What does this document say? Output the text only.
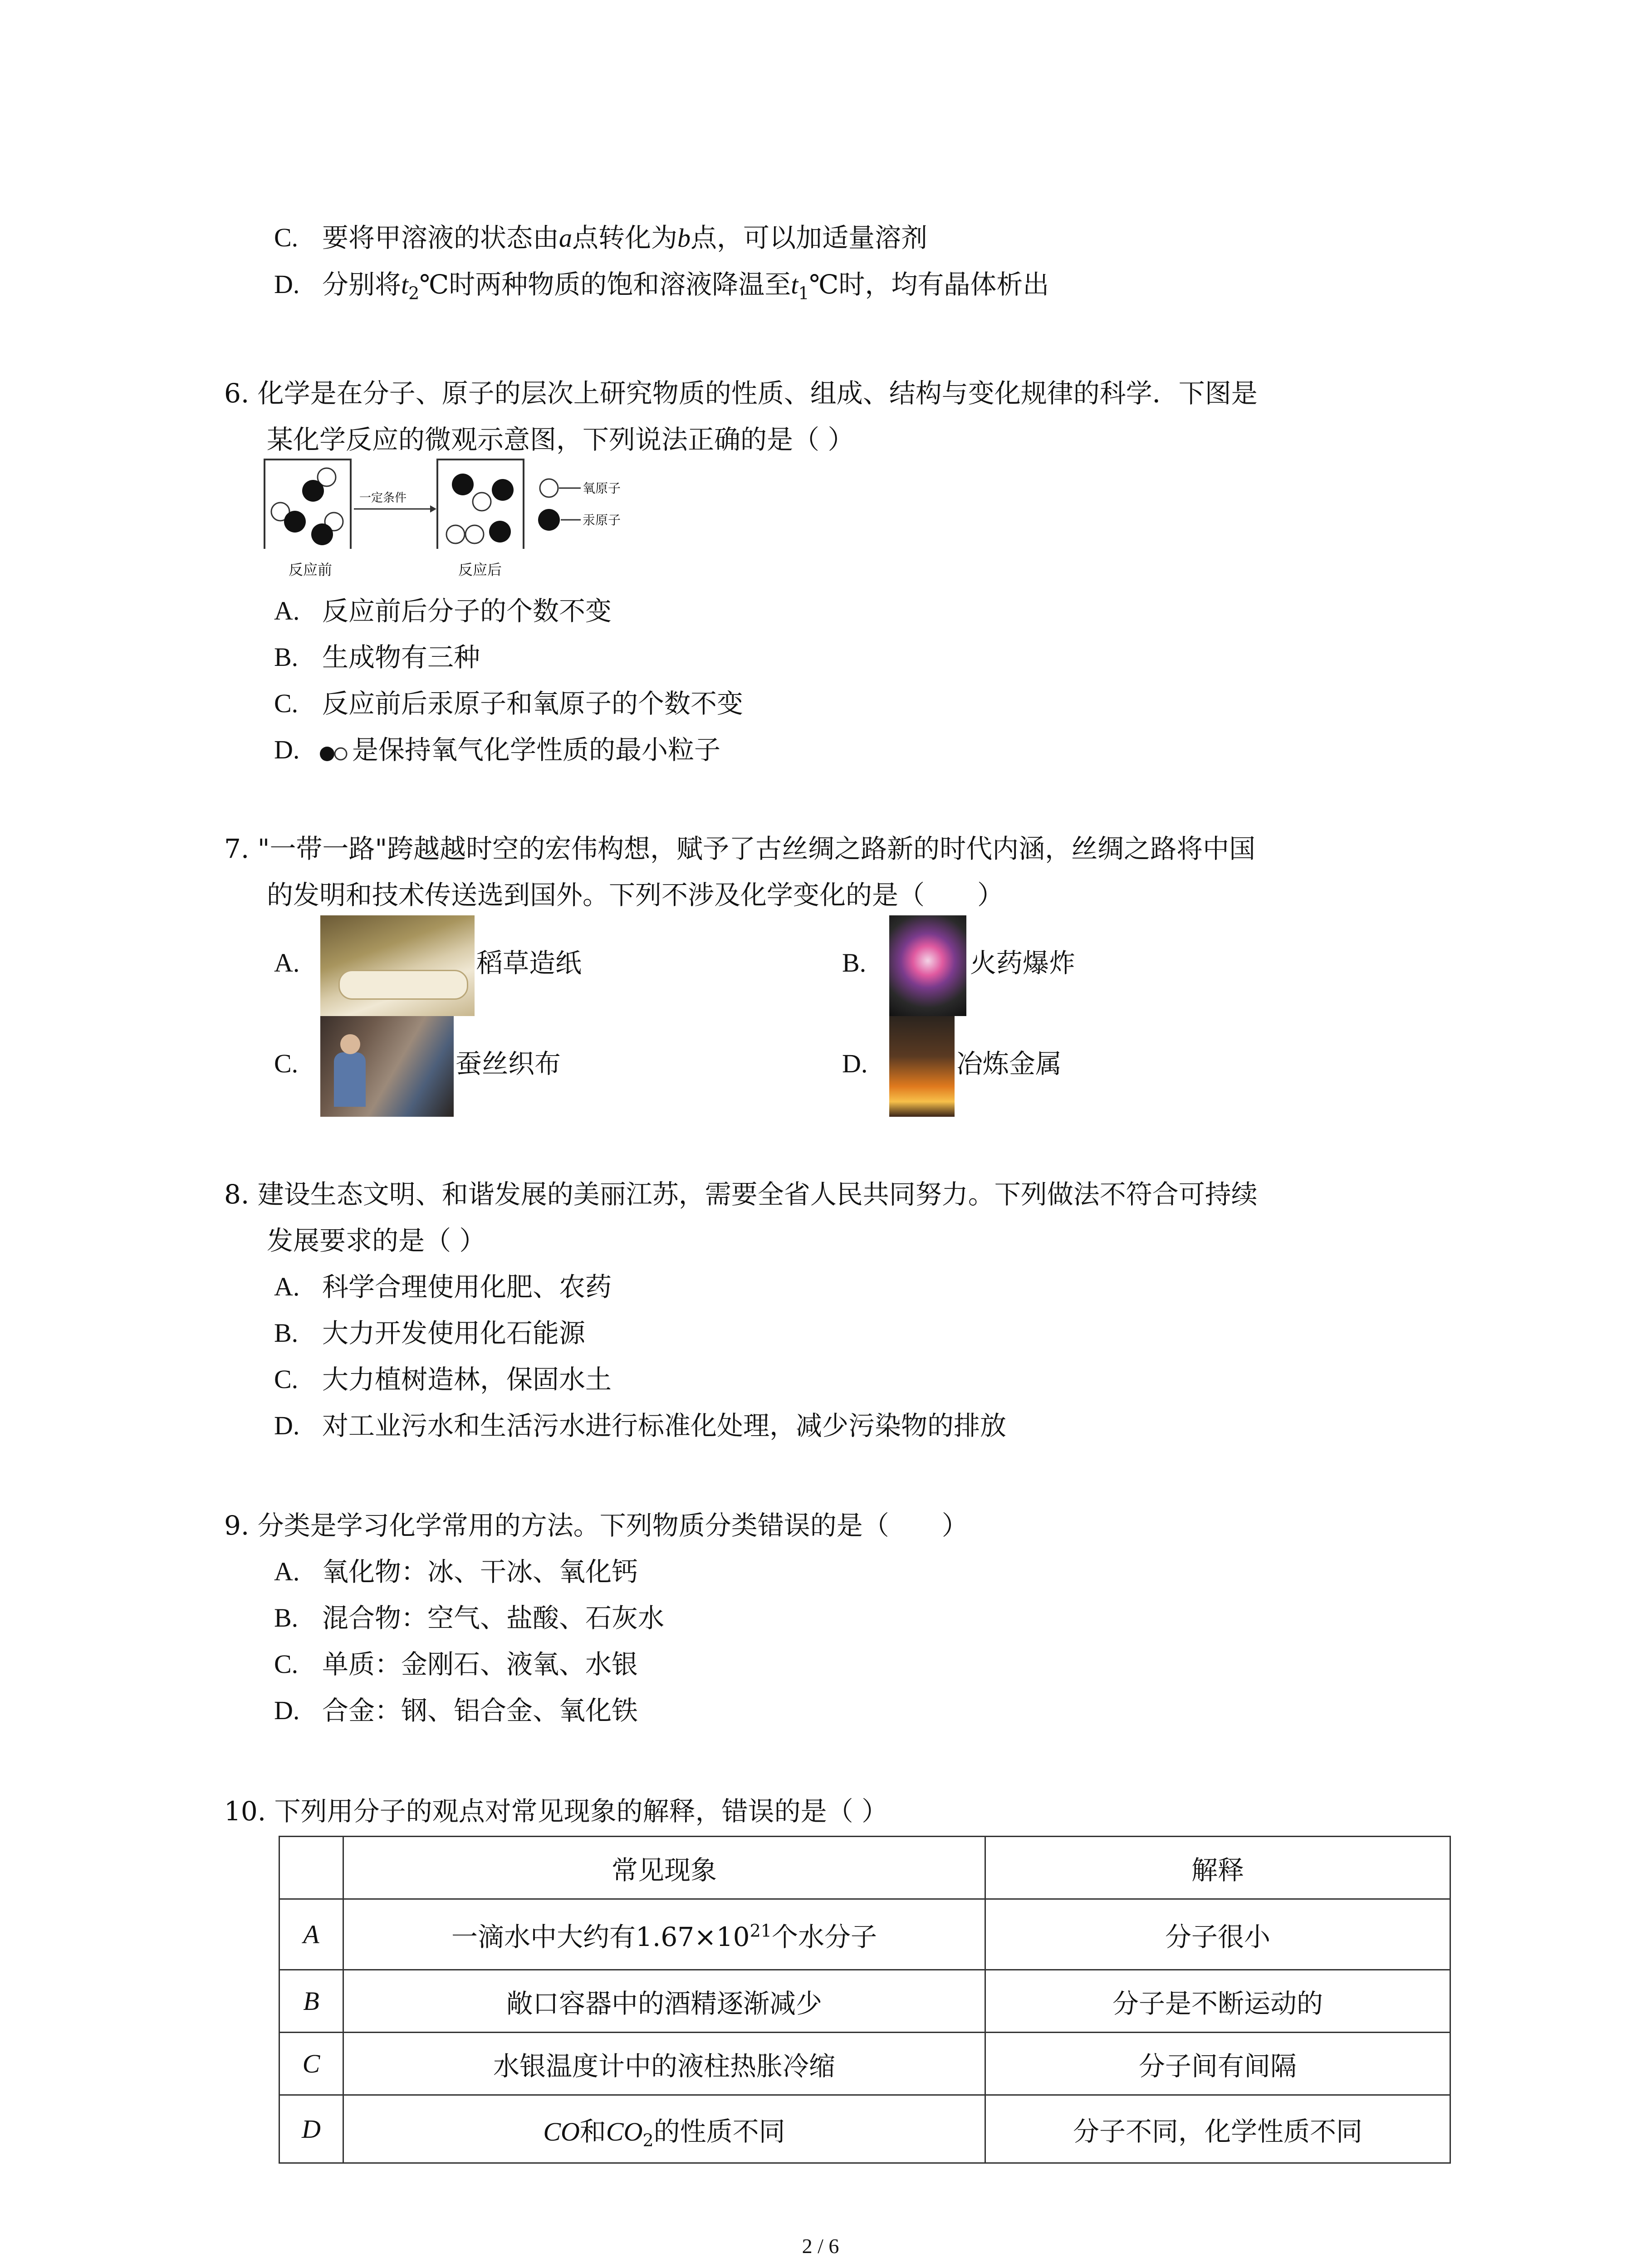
C. 要将甲溶液的状态由a点转化为b点，可以加适量溶剂
D. 分别将$t_2℃$时两种物质的饱和溶液降温至$t_1℃$时，均有晶体析出
6. 化学是在分子、原子的层次上研究物质的性质、组成、结构与变化规律的科学．下图是
某化学反应的微观示意图，下列说法正确的是（ ）
一定条件
氧原子
汞原子
反应前	反应后
A. 反应前后分子的个数不变
B. 生成物有三种
C. 反应前后汞原子和氧原子的个数不变
D. 是保持氧气化学性质的最小粒子
7. "一带一路"跨越越时空的宏伟构想，赋予了古丝绸之路新的时代内涵，丝绸之路将中国
的发明和技术传送选到国外。下列不涉及化学变化的是（　　）
A.	稻草造纸	B.	火药爆炸
C.	蚕丝织布	D.	冶炼金属
8. 建设生态文明、和谐发展的美丽江苏，需要全省人民共同努力。下列做法不符合可持续
发展要求的是（ ）
A. 科学合理使用化肥、农药
B. 大力开发使用化石能源
C. 大力植树造林，保固水土
D. 对工业污水和生活污水进行标准化处理，减少污染物的排放
9. 分类是学习化学常用的方法。下列物质分类错误的是（　　）
A. 氧化物：冰、干冰、氧化钙
B. 混合物：空气、盐酸、石灰水
C. 单质：金刚石、液氧、水银
D. 合金：钢、铝合金、氧化铁
10. 下列用分子的观点对常见现象的解释，错误的是（ ）
	常见现象	解释
A	一滴水中大约有$1.67\times 10^{21}$个水分子	分子很小
B	敞口容器中的酒精逐渐减少	分子是不断运动的
C	水银温度计中的液柱热胀冷缩	分子间有间隔
D	CO和$CO_2$的性质不同	分子不同，化学性质不同
2 / 6
